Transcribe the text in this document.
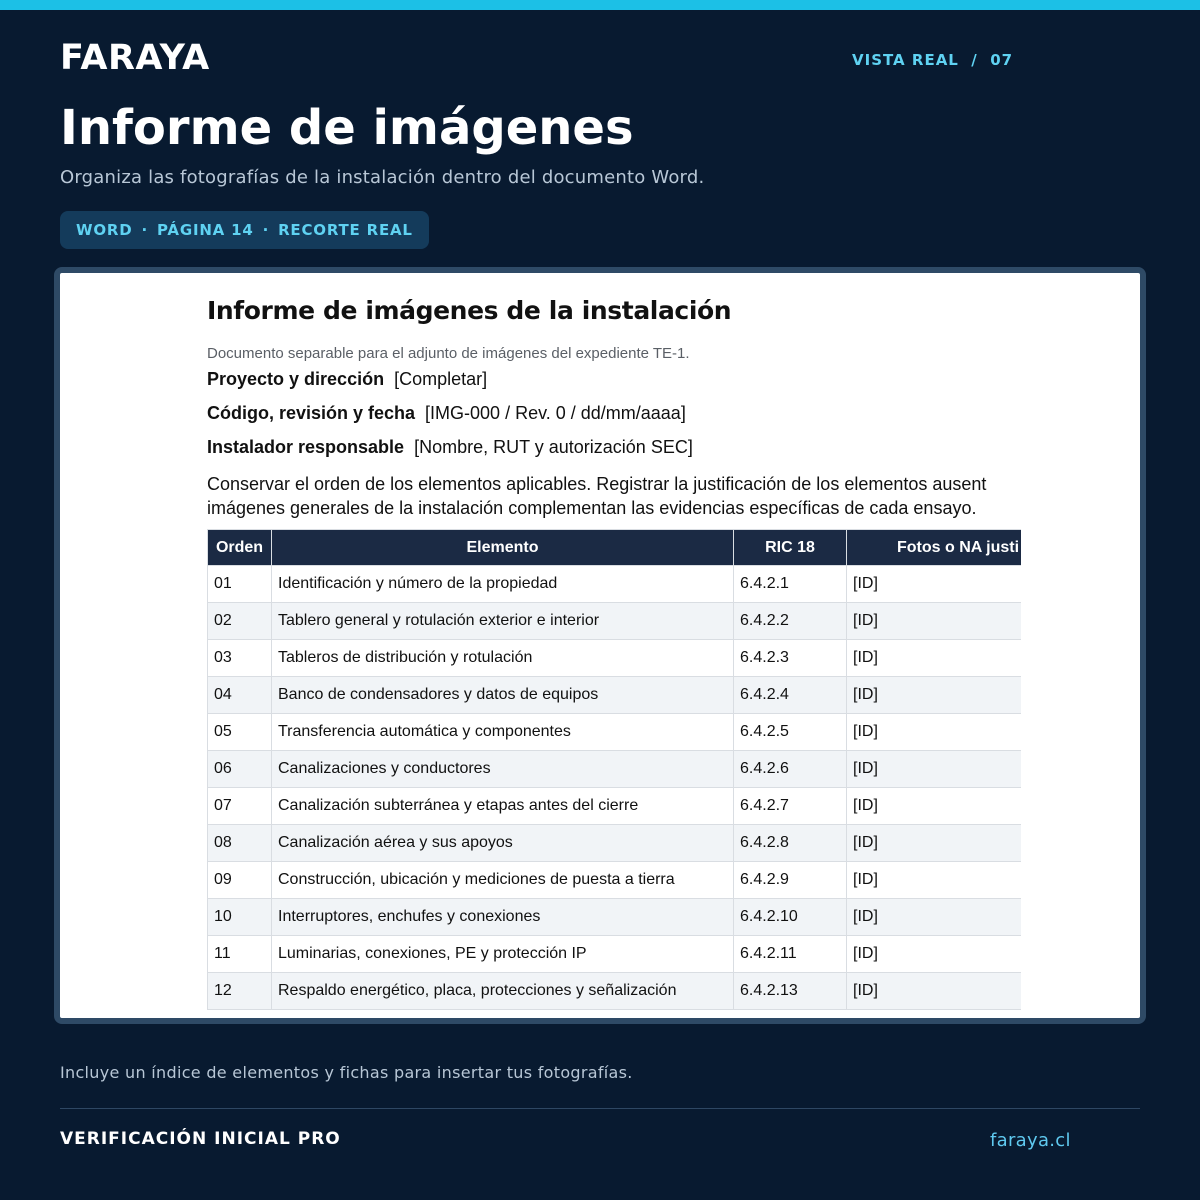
FARAYA	VISTA REAL  /  07
Informe de imágenes
Organiza las fotografías de la instalación dentro del documento Word.
WORD · PÁGINA 14 · RECORTE REAL
Informe de imágenes de la instalación
Documento separable para el adjunto de imágenes del expediente TE-1.
Proyecto y dirección [Completar]
Código, revisión y fecha [IMG-000 / Rev. 0 / dd/mm/aaaa]
Instalador responsable [Nombre, RUT y autorización SEC]
Conservar el orden de los elementos aplicables. Registrar la justificación de los elementos ausent
imágenes generales de la instalación complementan las evidencias específicas de cada ensayo.
Orden	Elemento	RIC 18	Fotos o NA justi
01	Identificación y número de la propiedad	6.4.2.1	[ID]
02	Tablero general y rotulación exterior e interior	6.4.2.2	[ID]
03	Tableros de distribución y rotulación	6.4.2.3	[ID]
04	Banco de condensadores y datos de equipos	6.4.2.4	[ID]
05	Transferencia automática y componentes	6.4.2.5	[ID]
06	Canalizaciones y conductores	6.4.2.6	[ID]
07	Canalización subterránea y etapas antes del cierre	6.4.2.7	[ID]
08	Canalización aérea y sus apoyos	6.4.2.8	[ID]
09	Construcción, ubicación y mediciones de puesta a tierra	6.4.2.9	[ID]
10	Interruptores, enchufes y conexiones	6.4.2.10	[ID]
11	Luminarias, conexiones, PE y protección IP	6.4.2.11	[ID]
12	Respaldo energético, placa, protecciones y señalización	6.4.2.13	[ID]
Incluye un índice de elementos y fichas para insertar tus fotografías.
VERIFICACIÓN INICIAL PRO	faraya.cl
